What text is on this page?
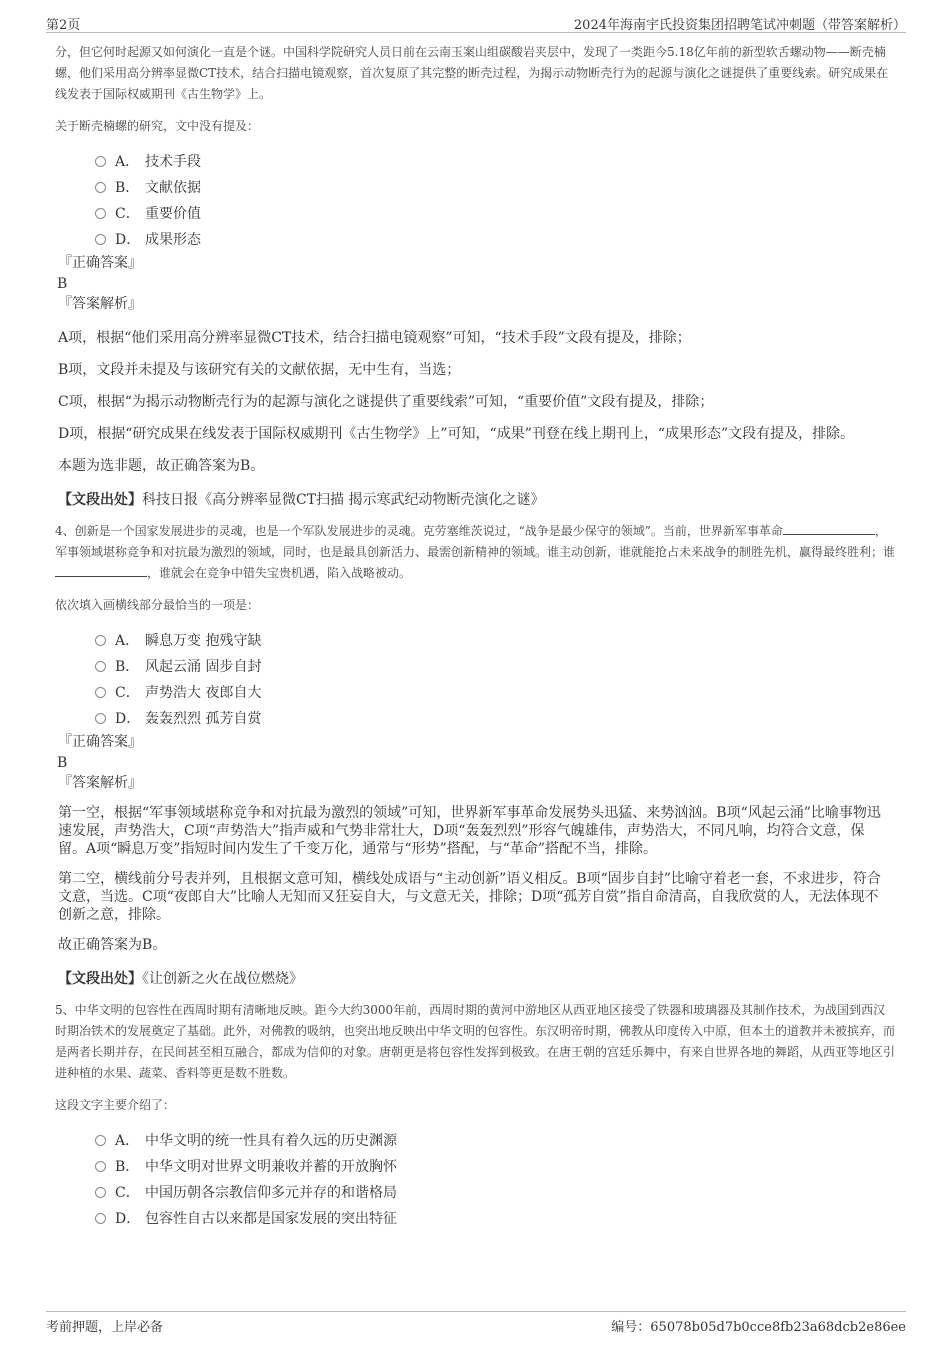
第2页	2024年海南宇氏投资集团招聘笔试冲刺题（带答案解析）

分，但它何时起源又如何演化一直是个谜。中国科学院研究人员日前在云南玉案山组碳酸岩夹层中，发现了一类距今5.18亿年前的新型软舌螺动物——断壳楠螺，他们采用高分辨率显微CT技术，结合扫描电镜观察，首次复原了其完整的断壳过程，为揭示动物断壳行为的起源与演化之谜提供了重要线索。研究成果在线发表于国际权威期刊《古生物学》上。

关于断壳楠螺的研究，文中没有提及：

A． 技术手段
B． 文献依据
C． 重要价值
D． 成果形态
『正确答案』
B
『答案解析』

A项，根据“他们采用高分辨率显微CT技术，结合扫描电镜观察”可知，“技术手段”文段有提及，排除；

B项，文段并未提及与该研究有关的文献依据，无中生有，当选；

C项，根据“为揭示动物断壳行为的起源与演化之谜提供了重要线索”可知，“重要价值”文段有提及，排除；

D项，根据“研究成果在线发表于国际权威期刊《古生物学》上”可知，“成果”刊登在线上期刊上，“成果形态”文段有提及，排除。

本题为选非题，故正确答案为B。

【文段出处】科技日报《高分辨率显微CT扫描 揭示寒武纪动物断壳演化之谜》

4、创新是一个国家发展进步的灵魂，也是一个军队发展进步的灵魂。克劳塞维茨说过，“战争是最少保守的领域”。当前，世界新军事革命	，军事领域堪称竞争和对抗最为激烈的领域，同时，也是最具创新活力、最需创新精神的领域。谁主动创新，谁就能抢占未来战争的制胜先机，赢得最终胜利；谁，谁就会在竞争中错失宝贵机遇，陷入战略被动。

依次填入画横线部分最恰当的一项是：

A． 瞬息万变 抱残守缺
B． 风起云涌 固步自封
C． 声势浩大 夜郎自大
D． 轰轰烈烈 孤芳自赏
『正确答案』
B
『答案解析』

第一空，根据“军事领域堪称竞争和对抗最为激烈的领域”可知，世界新军事革命发展势头迅猛、来势汹汹。B项“风起云涌”比喻事物迅速发展，声势浩大，C项“声势浩大”指声威和气势非常壮大，D项“轰轰烈烈”形容气魄雄伟，声势浩大，不同凡响，均符合文意，保留。A项“瞬息万变”指短时间内发生了千变万化，通常与“形势”搭配，与“革命”搭配不当，排除。

第二空，横线前分号表并列，且根据文意可知，横线处成语与“主动创新”语义相反。B项“固步自封”比喻守着老一套，不求进步，符合文意，当选。C项“夜郎自大”比喻人无知而又狂妄自大，与文意无关，排除；D项“孤芳自赏”指自命清高，自我欣赏的人，无法体现不创新之意，排除。

故正确答案为B。

【文段出处】《让创新之火在战位燃烧》

5、中华文明的包容性在西周时期有清晰地反映。距今大约3000年前，西周时期的黄河中游地区从西亚地区接受了铁器和玻璃器及其制作技术，为战国到西汉时期冶铁术的发展奠定了基础。此外，对佛教的吸纳，也突出地反映出中华文明的包容性。东汉明帝时期，佛教从印度传入中原，但本土的道教并未被摈弃，而是两者长期并存，在民间甚至相互融合，都成为信仰的对象。唐朝更是将包容性发挥到极致。在唐王朝的宫廷乐舞中，有来自世界各地的舞蹈，从西亚等地区引进种植的水果、蔬菜、香料等更是数不胜数。

这段文字主要介绍了：

A． 中华文明的统一性具有着久远的历史渊源
B． 中华文明对世界文明兼收并蓄的开放胸怀
C． 中国历朝各宗教信仰多元并存的和谐格局
D． 包容性自古以来都是国家发展的突出特征
考前押题，上岸必备	编号：65078b05d7b0cce8fb23a68dcb2e86ee
